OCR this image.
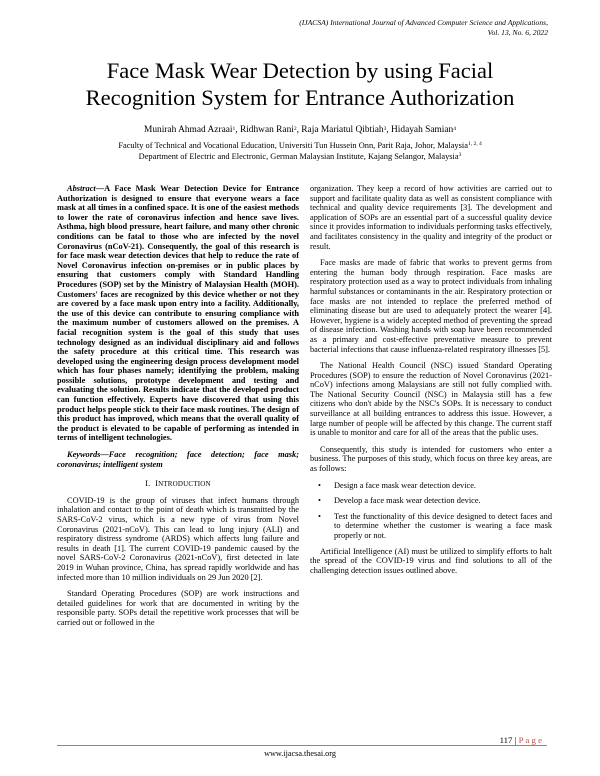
(IJACSA) International Journal of Advanced Computer Science and Applications,
Vol. 13, No. 6, 2022
Face Mask Wear Detection by using Facial
Recognition System for Entrance Authorization
Munirah Ahmad Azraai$^1$, Ridhwan Rani$^2$, Raja Mariatul Qibtiah$^3$, Hidayah Samian$^4$
Faculty of Technical and Vocational Education, Universiti Tun Hussein Onn, Parit Raja, Johor, Malaysia$^{1, 2, 4}$
Department of Electric and Electronic, German Malaysian Institute, Kajang Selangor, Malaysia$^3$

Abstract—A Face Mask Wear Detection Device for Entrance Authorization is designed to ensure that everyone wears a face mask at all times in a confined space. It is one of the easiest methods to lower the rate of coronavirus infection and hence save lives. Asthma, high blood pressure, heart failure, and many other chronic conditions can be fatal to those who are infected by the novel Coronavirus (nCoV-21). Consequently, the goal of this research is for face mask wear detection devices that help to reduce the rate of Novel Coronavirus infection on-premises or in public places by ensuring that customers comply with Standard Handling Procedures (SOP) set by the Ministry of Malaysian Health (MOH). Customers' faces are recognized by this device whether or not they are covered by a face mask upon entry into a facility. Additionally, the use of this device can contribute to ensuring compliance with the maximum number of customers allowed on the premises. A facial recognition system is the goal of this study that uses technology designed as an individual disciplinary aid and follows the safety procedure at this critical time. This research was developed using the engineering design process development model which has four phases namely; identifying the problem, making possible solutions, prototype development and testing and evaluating the solution. Results indicate that the developed product can function effectively. Experts have discovered that using this product helps people stick to their face mask routines. The design of this product has improved, which means that the overall quality of the product is elevated to be capable of performing as intended in terms of intelligent technologies.

Keywords—Face recognition; face detection; face mask; coronavirus; intelligent system

I. INTRODUCTION

COVID-19 is the group of viruses that infect humans through inhalation and contact to the point of death which is transmitted by the SARS-CoV-2 virus, which is a new type of virus from Novel Coronavirus (2021-nCoV). This can lead to lung injury (ALI) and respiratory distress syndrome (ARDS) which affects lung failure and results in death [1]. The current COVID-19 pandemic caused by the novel SARS-CoV-2 Coronavirus (2021-nCoV), first detected in late 2019 in Wuhan province, China, has spread rapidly worldwide and has infected more than 10 million individuals on 29 Jun 2020 [2].

Standard Operating Procedures (SOP) are work instructions and detailed guidelines for work that are documented in writing by the responsible party. SOPs detail the repetitive work processes that will be carried out or followed in the

organization. They keep a record of how activities are carried out to support and facilitate quality data as well as consistent compliance with technical and quality device requirements [3]. The development and application of SOPs are an essential part of a successful quality device since it provides information to individuals performing tasks effectively, and facilitates consistency in the quality and integrity of the product or result.

Face masks are made of fabric that works to prevent germs from entering the human body through respiration. Face masks are respiratory protection used as a way to protect individuals from inhaling harmful substances or contaminants in the air. Respiratory protection or face masks are not intended to replace the preferred method of eliminating disease but are used to adequately protect the wearer [4]. However, hygiene is a widely accepted method of preventing the spread of disease infection. Washing hands with soap have been recommended as a primary and cost-effective preventative measure to prevent bacterial infections that cause influenza-related respiratory illnesses [5].

The National Health Council (NSC) issued Standard Operating Procedures (SOP) to ensure the reduction of Novel Coronavirus (2021-nCoV) infections among Malaysians are still not fully complied with. The National Security Council (NSC) in Malaysia still has a few citizens who don't abide by the NSC's SOPs. It is necessary to conduct surveillance at all building entrances to address this issue. However, a large number of people will be affected by this change. The current staff is unable to monitor and care for all of the areas that the public uses.

Consequently, this study is intended for customers who enter a business. The purposes of this study, which focus on three key areas, are as follows:

• Design a face mask wear detection device.
• Develop a face mask wear detection device.
• Test the functionality of this device designed to detect faces and to determine whether the customer is wearing a face mask properly or not.

Artificial Intelligence (AI) must be utilized to simplify efforts to halt the spread of the COVID-19 virus and find solutions to all of the challenging detection issues outlined above.

117 | P a g e
www.ijacsa.thesai.org
